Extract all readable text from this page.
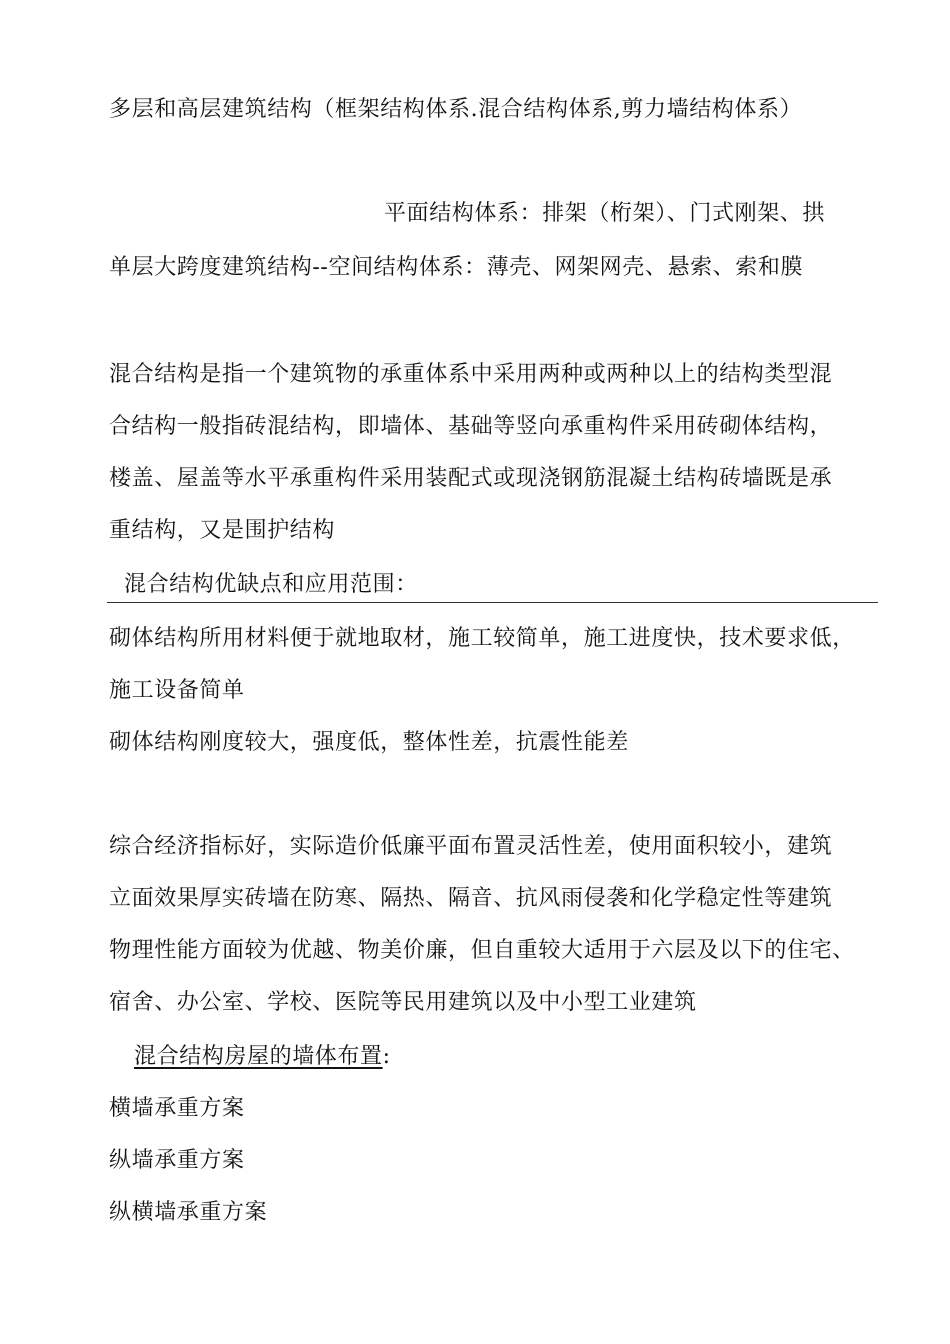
多层和高层建筑结构（框架结构体系.混合结构体系,剪力墙结构体系）
平面结构体系：排架（桁架）、门式刚架、拱
单层大跨度建筑结构--空间结构体系：薄壳、网架网壳、悬索、索和膜
混合结构是指一个建筑物的承重体系中采用两种或两种以上的结构类型混
合结构一般指砖混结构，即墙体、基础等竖向承重构件采用砖砌体结构，
楼盖、屋盖等水平承重构件采用装配式或现浇钢筋混凝土结构砖墙既是承
重结构，又是围护结构
混合结构优缺点和应用范围：
砌体结构所用材料便于就地取材，施工较简单，施工进度快，技术要求低，
施工设备简单
砌体结构刚度较大，强度低，整体性差，抗震性能差
综合经济指标好，实际造价低廉平面布置灵活性差，使用面积较小，建筑
立面效果厚实砖墙在防寒、隔热、隔音、抗风雨侵袭和化学稳定性等建筑
物理性能方面较为优越、物美价廉，但自重较大适用于六层及以下的住宅、
宿舍、办公室、学校、医院等民用建筑以及中小型工业建筑
混合结构房屋的墙体布置:
横墙承重方案
纵墙承重方案
纵横墙承重方案
